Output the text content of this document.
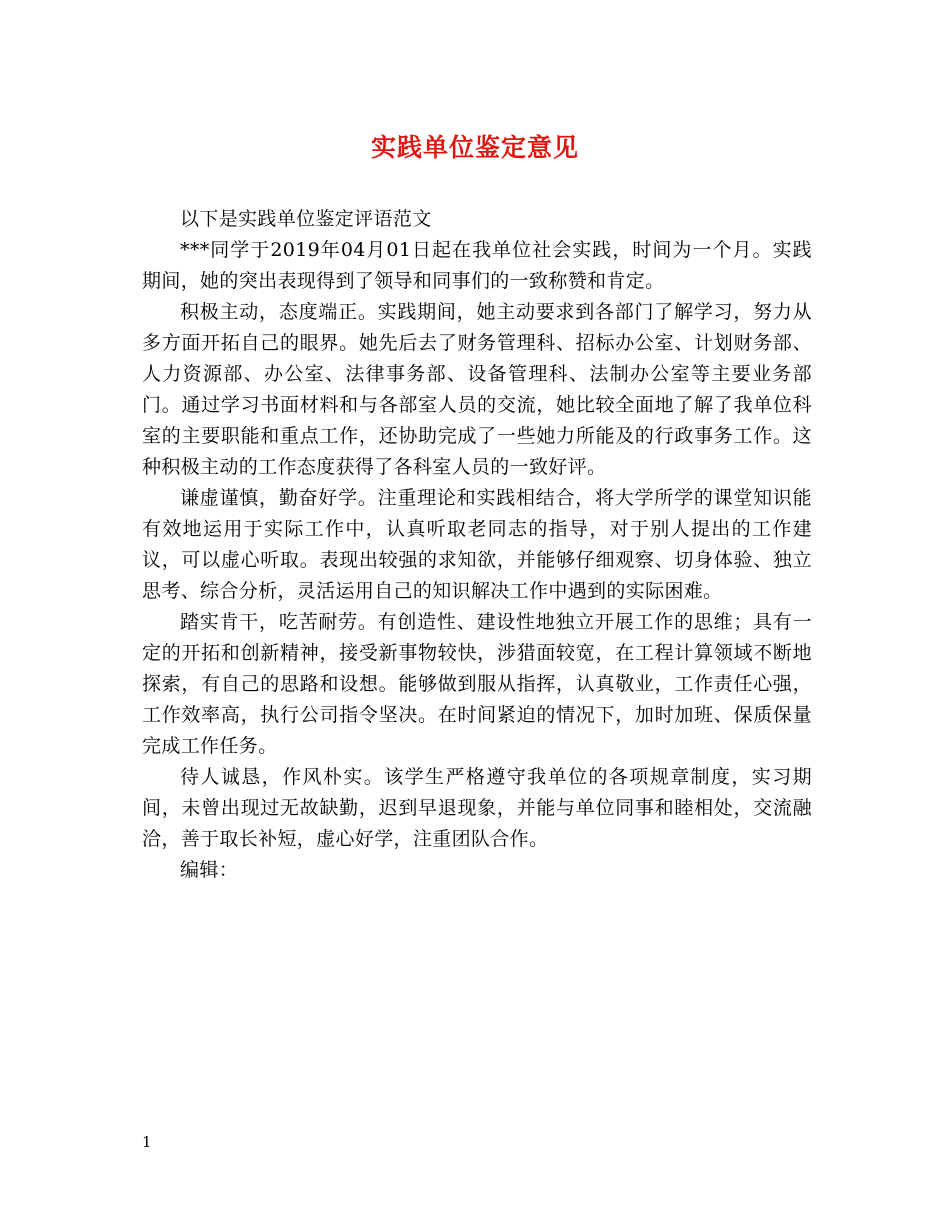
实践单位鉴定意见

以下是实践单位鉴定评语范文

***同学于2019年04月01日起在我单位社会实践，时间为一个月。实践期间，她的突出表现得到了领导和同事们的一致称赞和肯定。

积极主动，态度端正。实践期间，她主动要求到各部门了解学习，努力从多方面开拓自己的眼界。她先后去了财务管理科、招标办公室、计划财务部、人力资源部、办公室、法律事务部、设备管理科、法制办公室等主要业务部门。通过学习书面材料和与各部室人员的交流，她比较全面地了解了我单位科室的主要职能和重点工作，还协助完成了一些她力所能及的行政事务工作。这种积极主动的工作态度获得了各科室人员的一致好评。

谦虚谨慎，勤奋好学。注重理论和实践相结合，将大学所学的课堂知识能有效地运用于实际工作中，认真听取老同志的指导，对于别人提出的工作建议，可以虚心听取。表现出较强的求知欲，并能够仔细观察、切身体验、独立思考、综合分析，灵活运用自己的知识解决工作中遇到的实际困难。

踏实肯干，吃苦耐劳。有创造性、建设性地独立开展工作的思维；具有一定的开拓和创新精神，接受新事物较快，涉猎面较宽，在工程计算领域不断地探索，有自己的思路和设想。能够做到服从指挥，认真敬业，工作责任心强，工作效率高，执行公司指令坚决。在时间紧迫的情况下，加时加班、保质保量完成工作任务。

待人诚恳，作风朴实。该学生严格遵守我单位的各项规章制度，实习期间，未曾出现过无故缺勤，迟到早退现象，并能与单位同事和睦相处，交流融洽，善于取长补短，虚心好学，注重团队合作。

编辑：

1
